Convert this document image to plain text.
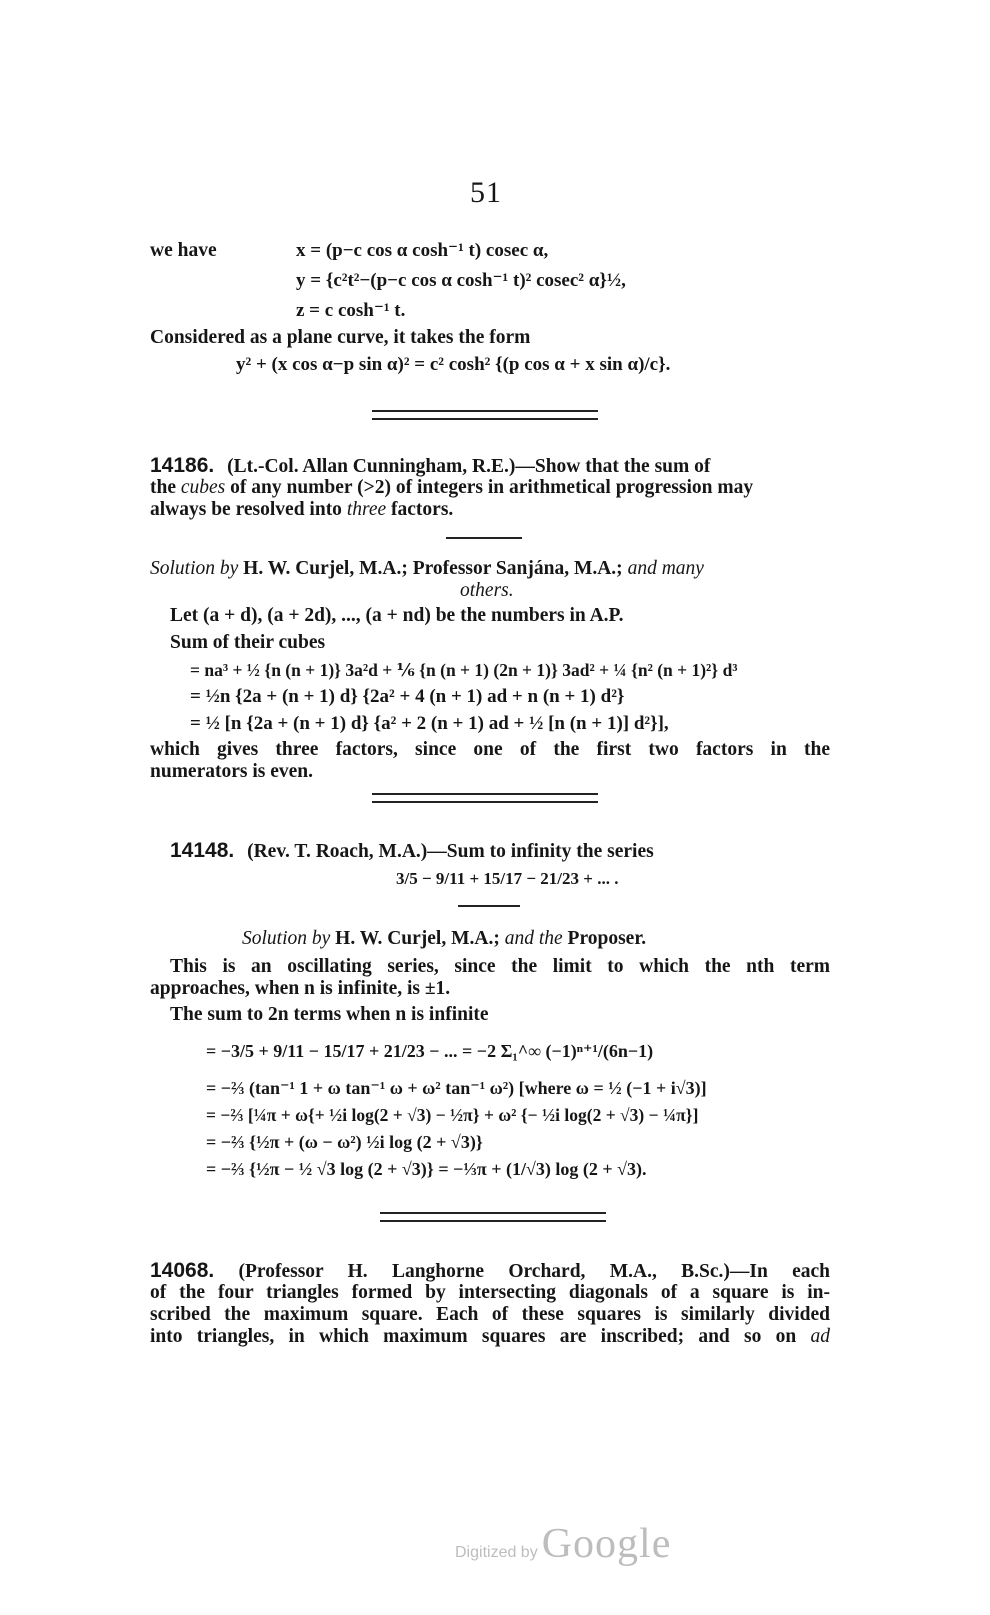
51
we have	x = (p−c cos α cosh⁻¹ t) cosec α,
y = {c²t²−(p−c cos α cosh⁻¹ t)² cosec² α}½,
z = c cosh⁻¹ t.
Considered as a plane curve, it takes the form
y² + (x cos α−p sin α)² = c² cosh² {(p cos α + x sin α)/c}.
14186. (Lt.-Col. Allan Cunningham, R.E.)—Show that the sum of
the cubes of any number (>2) of integers in arithmetical progression may
always be resolved into three factors.
Solution by H. W. Curjel, M.A.; Professor Sanjána, M.A.; and many
others.
Let (a + d), (a + 2d), ..., (a + nd) be the numbers in A.P.
Sum of their cubes
= na³ + ½ {n (n + 1)} 3a²d + ⅙ {n (n + 1) (2n + 1)} 3ad² + ¼ {n² (n + 1)²} d³
= ½n {2a + (n + 1) d} {2a² + 4 (n + 1) ad + n (n + 1) d²}
= ½ [n {2a + (n + 1) d} {a² + 2 (n + 1) ad + ½ [n (n + 1)] d²}],
which gives three factors, since one of the first two factors in the
numerators is even.
14148. (Rev. T. Roach, M.A.)—Sum to infinity the series
3/5 − 9/11 + 15/17 − 21/23 + ... .
Solution by H. W. Curjel, M.A.; and the Proposer.
This is an oscillating series, since the limit to which the nth term
approaches, when n is infinite, is ±1.
The sum to 2n terms when n is infinite
= −3/5 + 9/11 − 15/17 + 21/23 − ... = −2 Σ₁^∞ (−1)ⁿ⁺¹/(6n−1)
= −⅔ (tan⁻¹ 1 + ω tan⁻¹ ω + ω² tan⁻¹ ω²) [where ω = ½ (−1 + i√3)]
= −⅔ [¼π + ω{+ ½i log(2 + √3) − ½π} + ω² {− ½i log(2 + √3) − ¼π}]
= −⅔ {½π + (ω − ω²) ½i log (2 + √3)}
= −⅔ {½π − ½ √3 log (2 + √3)} = −⅓π + (1/√3) log (2 + √3).
14068. (Professor H. Langhorne Orchard, M.A., B.Sc.)—In each
of the four triangles formed by intersecting diagonals of a square is in-
scribed the maximum square. Each of these squares is similarly divided
into triangles, in which maximum squares are inscribed; and so on ad
Digitized by Google
